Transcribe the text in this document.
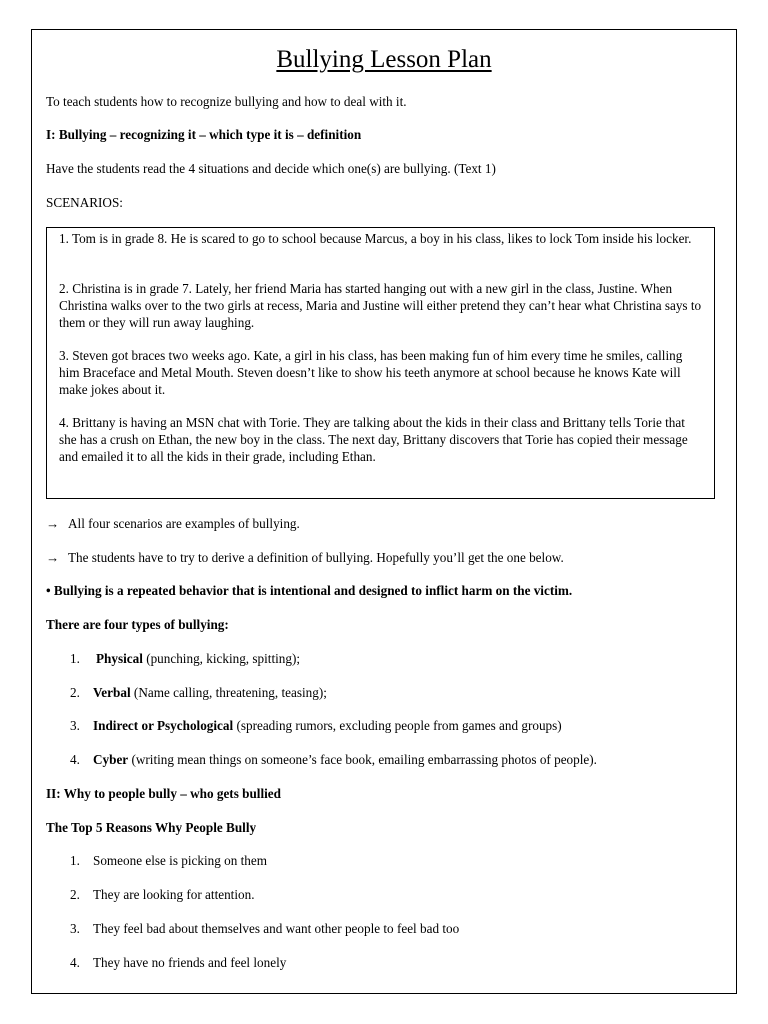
Bullying Lesson Plan
To teach students how to recognize bullying and how to deal with it.
I: Bullying – recognizing it – which type it is – definition
Have the students read the 4 situations and decide which one(s) are bullying. (Text 1)
SCENARIOS:
1. Tom is in grade 8. He is scared to go to school because Marcus, a boy in his class, likes to lock Tom inside his locker.
2. Christina is in grade 7. Lately, her friend Maria has started hanging out with a new girl in the class, Justine. When Christina walks over to the two girls at recess, Maria and Justine will either pretend they can’t hear what Christina says to them or they will run away laughing.
3. Steven got braces two weeks ago. Kate, a girl in his class, has been making fun of him every time he smiles, calling him Braceface and Metal Mouth. Steven doesn’t like to show his teeth anymore at school because he knows Kate will make jokes about it.
4. Brittany is having an MSN chat with Torie. They are talking about the kids in their class and Brittany tells Torie that she has a crush on Ethan, the new boy in the class. The next day, Brittany discovers that Torie has copied their message and emailed it to all the kids in their grade, including Ethan.
→ All four scenarios are examples of bullying.
→ The students have to try to derive a definition of bullying. Hopefully you’ll get the one below.
• Bullying is a repeated behavior that is intentional and designed to inflict harm on the victim.
There are four types of bullying:
1. Physical (punching, kicking, spitting);
2. Verbal (Name calling, threatening, teasing);
3. Indirect or Psychological (spreading rumors, excluding people from games and groups)
4. Cyber (writing mean things on someone’s face book, emailing embarrassing photos of people).
II: Why to people bully – who gets bullied
The Top 5 Reasons Why People Bully
1. Someone else is picking on them
2. They are looking for attention.
3. They feel bad about themselves and want other people to feel bad too
4. They have no friends and feel lonely
